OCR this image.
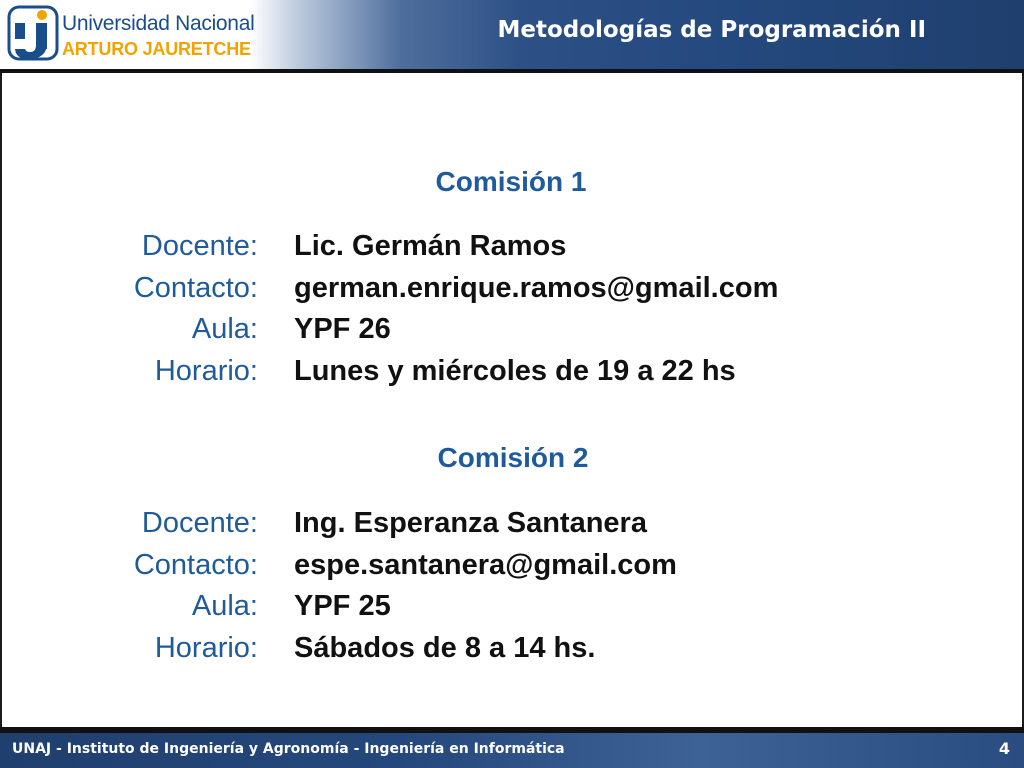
Universidad Nacional
ARTURO JAURETCHE
Metodologías de Programación II
Comisión 1
Docente: Lic. Germán Ramos
Contacto: german.enrique.ramos@gmail.com
Aula: YPF 26
Horario: Lunes y miércoles de 19 a 22 hs
Comisión 2
Docente: Ing. Esperanza Santanera
Contacto: espe.santanera@gmail.com
Aula: YPF 25
Horario: Sábados de 8 a 14 hs.
UNAJ - Instituto de Ingeniería y Agronomía - Ingeniería en Informática	4
